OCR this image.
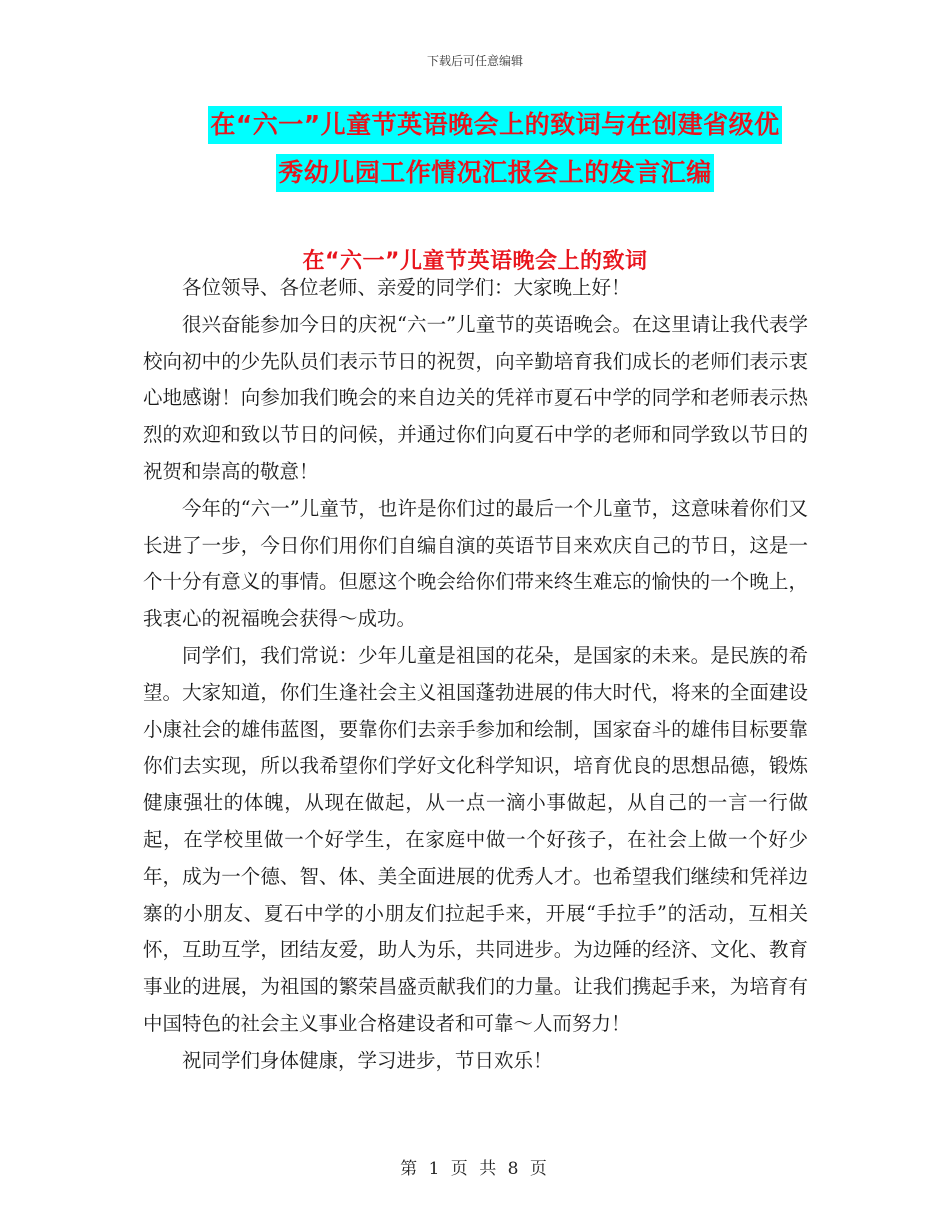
下载后可任意编辑
在“六一”儿童节英语晚会上的致词与在创建省级优
秀幼儿园工作情况汇报会上的发言汇编
在“六一”儿童节英语晚会上的致词

各位领导、各位老师、亲爱的同学们：大家晚上好！

很兴奋能参加今日的庆祝“六一”儿童节的英语晚会。在这里请让我代表学校向初中的少先队员们表示节日的祝贺，向辛勤培育我们成长的老师们表示衷心地感谢！向参加我们晚会的来自边关的凭祥市夏石中学的同学和老师表示热烈的欢迎和致以节日的问候，并通过你们向夏石中学的老师和同学致以节日的祝贺和崇高的敬意！

今年的“六一”儿童节，也许是你们过的最后一个儿童节，这意味着你们又长进了一步，今日你们用你们自编自演的英语节目来欢庆自己的节日，这是一个十分有意义的事情。但愿这个晚会给你们带来终生难忘的愉快的一个晚上，我衷心的祝福晚会获得～成功。

同学们，我们常说：少年儿童是祖国的花朵，是国家的未来。是民族的希望。大家知道，你们生逢社会主义祖国蓬勃进展的伟大时代，将来的全面建设小康社会的雄伟蓝图，要靠你们去亲手参加和绘制，国家奋斗的雄伟目标要靠你们去实现，所以我希望你们学好文化科学知识，培育优良的思想品德，锻炼健康强壮的体魄，从现在做起，从一点一滴小事做起，从自己的一言一行做起，在学校里做一个好学生，在家庭中做一个好孩子，在社会上做一个好少年，成为一个德、智、体、美全面进展的优秀人才。也希望我们继续和凭祥边寨的小朋友、夏石中学的小朋友们拉起手来，开展“手拉手”的活动，互相关怀，互助互学，团结友爱，助人为乐，共同进步。为边陲的经济、文化、教育事业的进展，为祖国的繁荣昌盛贡献我们的力量。让我们携起手来，为培育有中国特色的社会主义事业合格建设者和可靠～人而努力！

祝同学们身体健康，学习进步，节日欢乐！

第 1 页 共 8 页
